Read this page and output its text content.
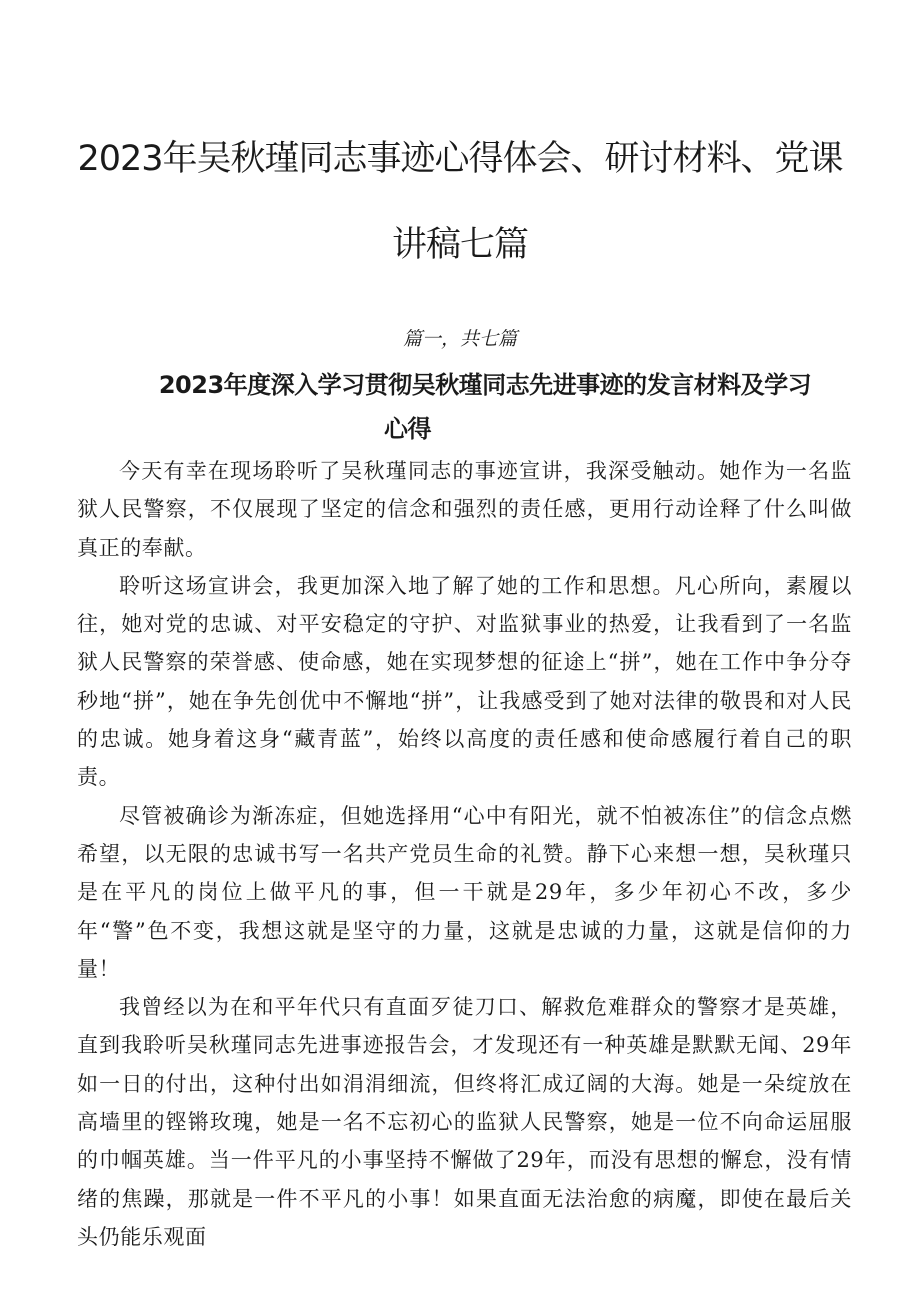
2023年吴秋瑾同志事迹心得体会、研讨材料、党课
讲稿七篇
篇一，共七篇
2023年度深入学习贯彻吴秋瑾同志先进事迹的发言材料及学习
心得

今天有幸在现场聆听了吴秋瑾同志的事迹宣讲，我深受触动。她作为一名监狱人民警察，不仅展现了坚定的信念和强烈的责任感，更用行动诠释了什么叫做真正的奉献。

聆听这场宣讲会，我更加深入地了解了她的工作和思想。凡心所向，素履以往，她对党的忠诚、对平安稳定的守护、对监狱事业的热爱，让我看到了一名监狱人民警察的荣誉感、使命感，她在实现梦想的征途上“拼”，她在工作中争分夺秒地“拼”，她在争先创优中不懈地“拼”，让我感受到了她对法律的敬畏和对人民的忠诚。她身着这身“藏青蓝”，始终以高度的责任感和使命感履行着自己的职责。

尽管被确诊为渐冻症，但她选择用“心中有阳光，就不怕被冻住”的信念点燃希望，以无限的忠诚书写一名共产党员生命的礼赞。静下心来想一想，吴秋瑾只是在平凡的岗位上做平凡的事，但一干就是29年，多少年初心不改，多少年“警”色不变，我想这就是坚守的力量，这就是忠诚的力量，这就是信仰的力量！

我曾经以为在和平年代只有直面歹徒刀口、解救危难群众的警察才是英雄，直到我聆听吴秋瑾同志先进事迹报告会，才发现还有一种英雄是默默无闻、29年如一日的付出，这种付出如涓涓细流，但终将汇成辽阔的大海。她是一朵绽放在高墙里的铿锵玫瑰，她是一名不忘初心的监狱人民警察，她是一位不向命运屈服的巾帼英雄。当一件平凡的小事坚持不懈做了29年，而没有思想的懈怠，没有情绪的焦躁，那就是一件不平凡的小事！如果直面无法治愈的病魔，即使在最后关头仍能乐观面
